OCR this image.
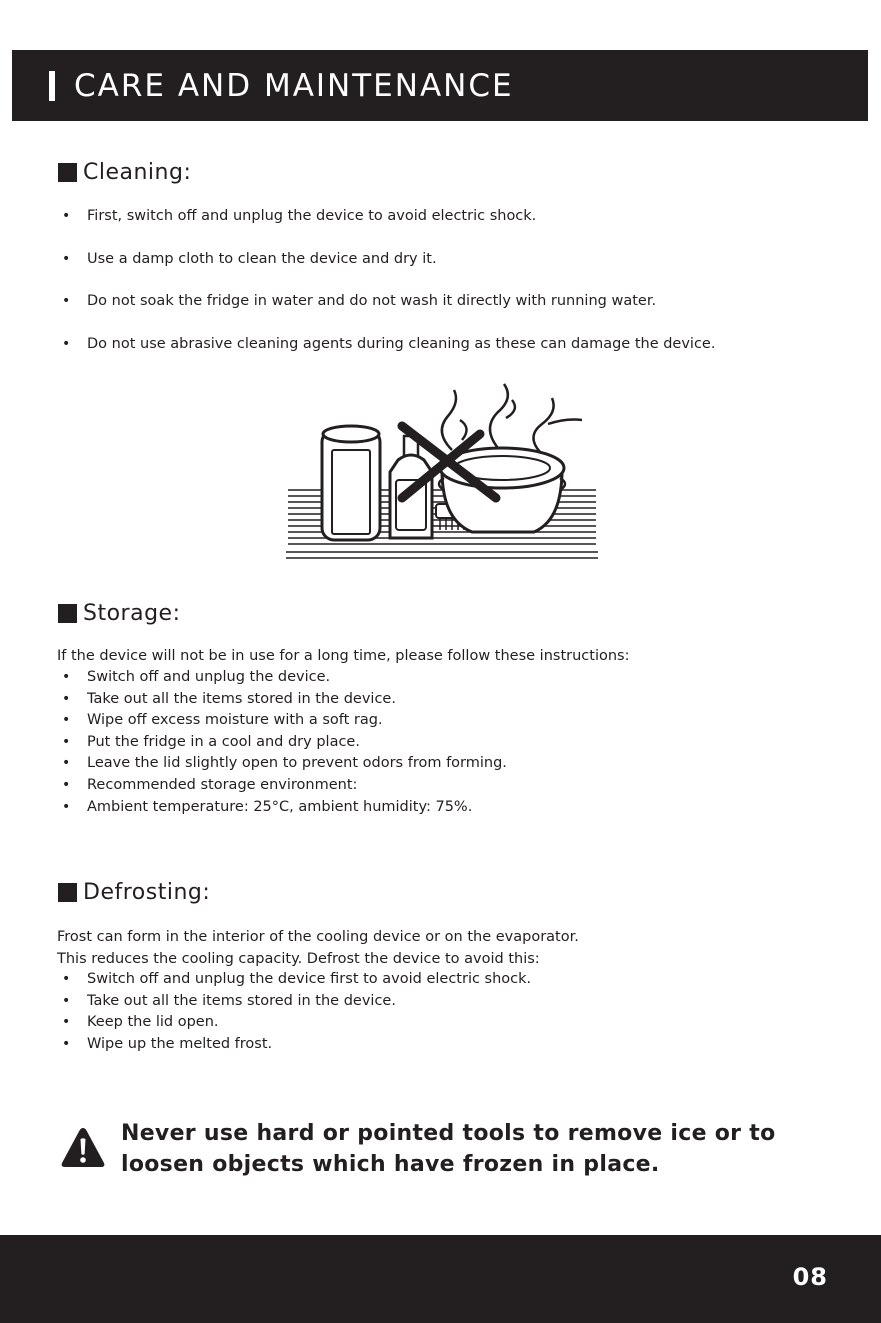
CARE AND MAINTENANCE
Cleaning:
• First, switch off and unplug the device to avoid electric shock.
• Use a damp cloth to clean the device and dry it.
• Do not soak the fridge in water and do not wash it directly with running water.
• Do not use abrasive cleaning agents during cleaning as these can damage the device.
Storage:

If the device will not be in use for a long time, please follow these instructions:

• Switch off and unplug the device.
• Take out all the items stored in the device.
• Wipe off excess moisture with a soft rag.
• Put the fridge in a cool and dry place.
• Leave the lid slightly open to prevent odors from forming.
• Recommended storage environment:
• Ambient temperature: 25°C, ambient humidity: 75%.
Defrosting:

Frost can form in the interior of the cooling device or on the evaporator.
This reduces the cooling capacity. Defrost the device to avoid this:

• Switch off and unplug the device first to avoid electric shock.
• Take out all the items stored in the device.
• Keep the lid open.
• Wipe up the melted frost.
Never use hard or pointed tools to remove ice or to
loosen objects which have frozen in place.
08
